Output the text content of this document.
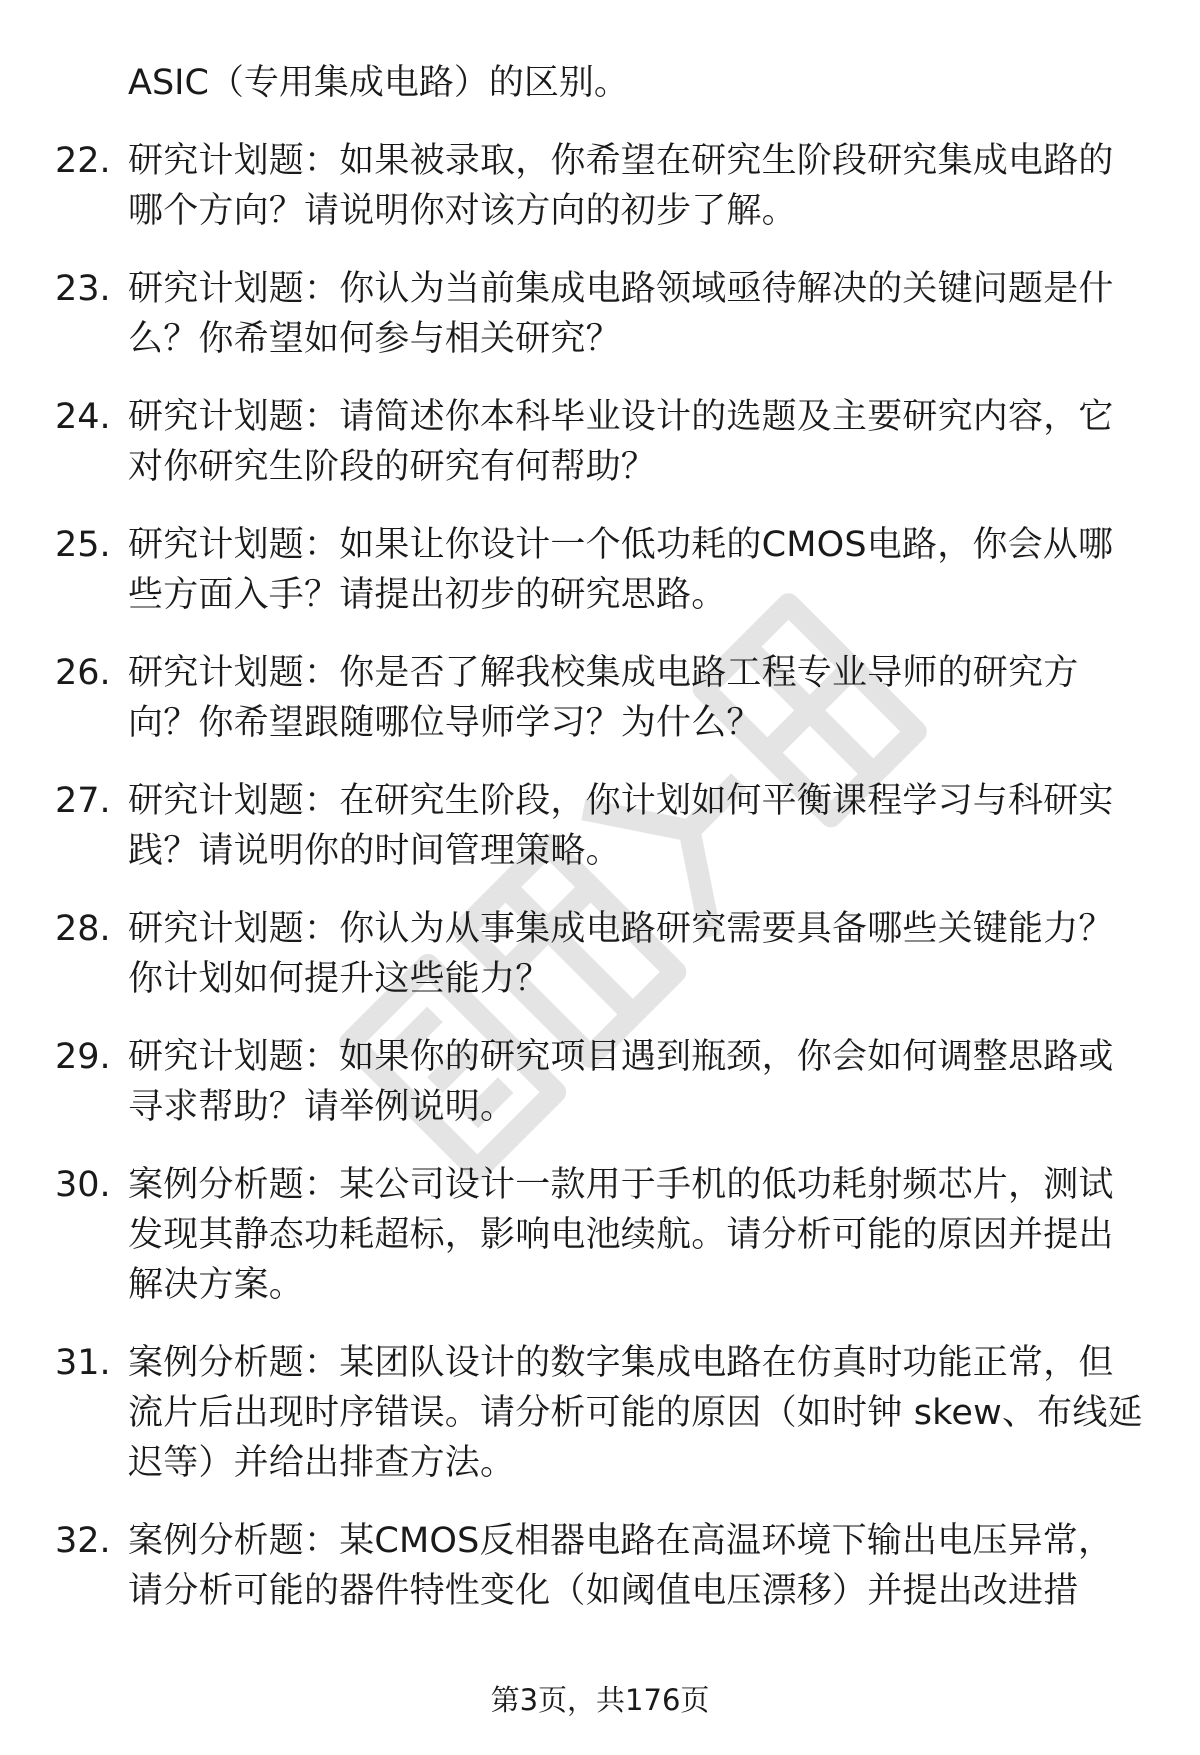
ASIC（专用集成电路）的区别。
22. 研究计划题：如果被录取，你希望在研究生阶段研究集成电路的哪个方向？请说明你对该方向的初步了解。
23. 研究计划题：你认为当前集成电路领域亟待解决的关键问题是什么？你希望如何参与相关研究？
24. 研究计划题：请简述你本科毕业设计的选题及主要研究内容，它对你研究生阶段的研究有何帮助？
25. 研究计划题：如果让你设计一个低功耗的CMOS电路，你会从哪些方面入手？请提出初步的研究思路。
26. 研究计划题：你是否了解我校集成电路工程专业导师的研究方向？你希望跟随哪位导师学习？为什么？
27. 研究计划题：在研究生阶段，你计划如何平衡课程学习与科研实践？请说明你的时间管理策略。
28. 研究计划题：你认为从事集成电路研究需要具备哪些关键能力？你计划如何提升这些能力？
29. 研究计划题：如果你的研究项目遇到瓶颈，你会如何调整思路或寻求帮助？请举例说明。
30. 案例分析题：某公司设计一款用于手机的低功耗射频芯片，测试发现其静态功耗超标，影响电池续航。请分析可能的原因并提出解决方案。
31. 案例分析题：某团队设计的数字集成电路在仿真时功能正常，但流片后出现时序错误。请分析可能的原因（如时钟 skew、布线延迟等）并给出排查方法。
32. 案例分析题：某CMOS反相器电路在高温环境下输出电压异常，请分析可能的器件特性变化（如阈值电压漂移）并提出改进措
第3页，共176页
